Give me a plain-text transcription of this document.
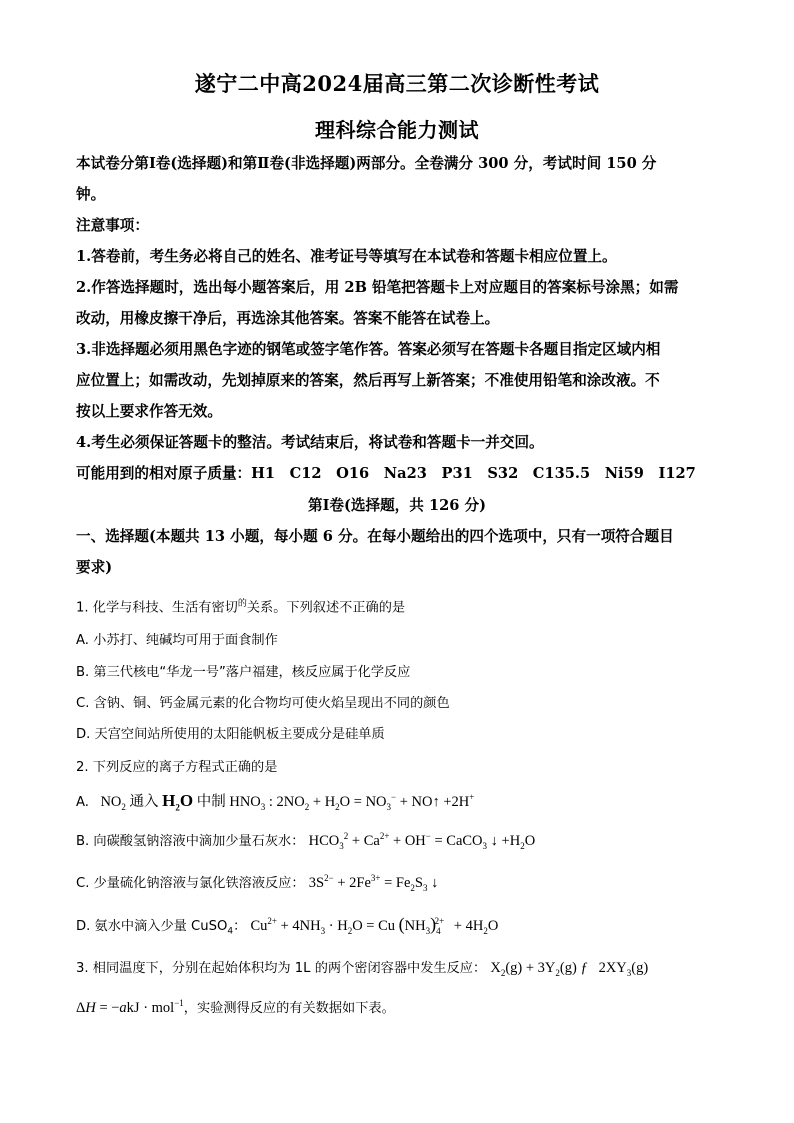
遂宁二中高2024届高三第二次诊断性考试
理科综合能力测试
本试卷分第Ⅰ卷(选择题)和第Ⅱ卷(非选择题)两部分。全卷满分 300 分，考试时间 150 分
钟。
注意事项：
1.答卷前，考生务必将自己的姓名、准考证号等填写在本试卷和答题卡相应位置上。
2.作答选择题时，选出每小题答案后，用 2B 铅笔把答题卡上对应题目的答案标号涂黑；如需
改动，用橡皮擦干净后，再选涂其他答案。答案不能答在试卷上。
3.非选择题必须用黑色字迹的钢笔或签字笔作答。答案必须写在答题卡各题目指定区域内相
应位置上；如需改动，先划掉原来的答案，然后再写上新答案；不准使用铅笔和涂改液。不
按以上要求作答无效。
4.考生必须保证答题卡的整洁。考试结束后，将试卷和答题卡一并交回。
可能用到的相对原子质量：H1　C12　O16　Na23　P31　S32　C135.5　Ni59　I127
第Ⅰ卷(选择题，共 126 分)
一、选择题(本题共 13 小题，每小题 6 分。在每小题给出的四个选项中，只有一项符合题目
要求)
1. 化学与科技、生活有密切$^的$关系。下列叙述不正确的是
A. 小苏打、纯碱均可用于面食制作
B. 第三代核电“华龙一号”落户福建，核反应属于化学反应
C. 含钠、铜、钙金属元素的化合物均可使火焰呈现出不同的颜色
D. 天宫空间站所使用的太阳能帆板主要成分是硅单质
2. 下列反应的离子方程式正确的是
A.   $NO_2$ 通入 $H_2O$ 中制 $HNO_3$ : $2NO_2 + H_2O = NO_3^-$ + NO↑ +2H+
B. 向碳酸氢钠溶液中滴加少量石灰水： $HCO_3^2 + Ca^{2+} + OH^-$ = CaCO$_3$ ↓ $+H_2O$
C. 少量硫化钠溶液与氯化铁溶液反应： $3S^{2-} + 2Fe^{3+} = Fe_2S_3$ ↓
D. 氨水中滴入少量 CuSO$_4$： $Cu^{2+} + 4NH_3 \cdot H_2O = Cu$ $(NH_3)_4^{2+} + 4H_2O$
3. 相同温度下，分别在起始体积均为 1L 的两个密闭容器中发生反应： $X_2(g) + 3Y_2(g)$ ƒ   $2XY_3(g)$
ΔH = −akJ · mol$^{-1}$，实验测得反应的有关数据如下表。
